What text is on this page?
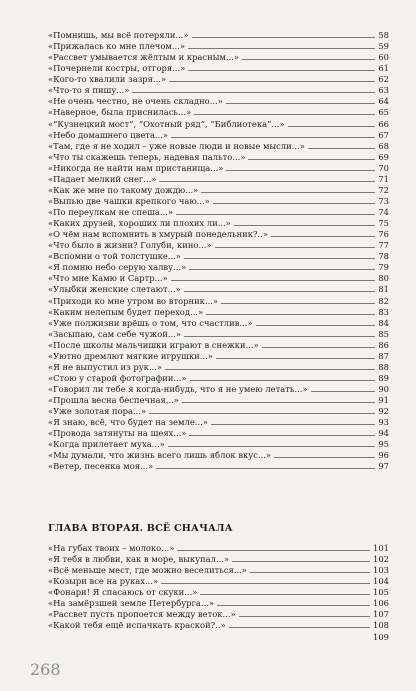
«Помнишь, мы всё потеряли...»	58
«Прижалась ко мне плечом...»	59
«Рассвет умывается жёлтым и красным...»	60
«Почернели костры, отгоря...»	61
«Кого-то хвалили зазря...»	62
«Что-то я пишу...»	63
«Не очень честно, не очень складно...»	64
«Наверное, была приснилась...»	65
«“Кузнецкий мост”, “Охотный ряд”, “Библиотека”...»	66
«Небо домашнего цвета...»	67
«Там, где я не ходил – уже новые люди и новые мысли...»	68
«Что ты скажешь теперь, надевая пальто...»	69
«Никогда не найти нам пристанища...»	70
«Падает мелкий снег...»	71
«Как же мне по такому дождю...»	72
«Выпью две чашки крепкого чаю...»	73
«По переулкам не спеша...»	74
«Каких друзей, хороших ли плохих ли...»	75
«О чём нам вспомнить в хмурый понедельник?..»	76
«Что было в жизни? Голуби, кино...»	77
«Вспомни о той толстушке...»	78
«Я помню небо серую халву...»	79
«Что мне Камю и Сартр...»	80
«Улыбки женские слетают...»	81
«Приходи ко мне утром во вторник...»	82
«Каким нелепым будет переход...»	83
«Уже полжизни врёшь о том, что счастлив...»	84
«Засыпаю, сам себе чужой...»	85
«После школы мальчишки играют в снежки...»	86
«Уютно дремлют мягкие игрушки...»	87
«Я не выпустил из рук...»	88
«Стою у старой фотографии...»	89
«Говорил ли тебе я когда-нибудь, что я не умею летать...»	90
«Прошла весна беспечная...»	91
«Уже золотая пора...»	92
«Я знаю, всё, что будет на земле...»	93
«Провода затянуты на шеях...»	94
«Когда прилетает муха...»	95
«Мы думали, что жизнь всего лишь яблок вкус...»	96
«Ветер, песенка моя...»	97
ГЛАВА ВТОРАЯ. ВСЁ СНАЧАЛА
«На губах твоих – молоко...»	101
«Я тебя в любви, как в море, выкупал...»	102
«Всё меньше мест, где можно веселиться...»	103
«Козыри все на руках...»	104
«Фонари! Я спасаюсь от скуки...»	105
«На замёрзшей земле Петербурга...»	106
«Рассвет пусть пропоется между веток...»	107
«Какой тебя ещё испачкать краской?..»	108
109
268
